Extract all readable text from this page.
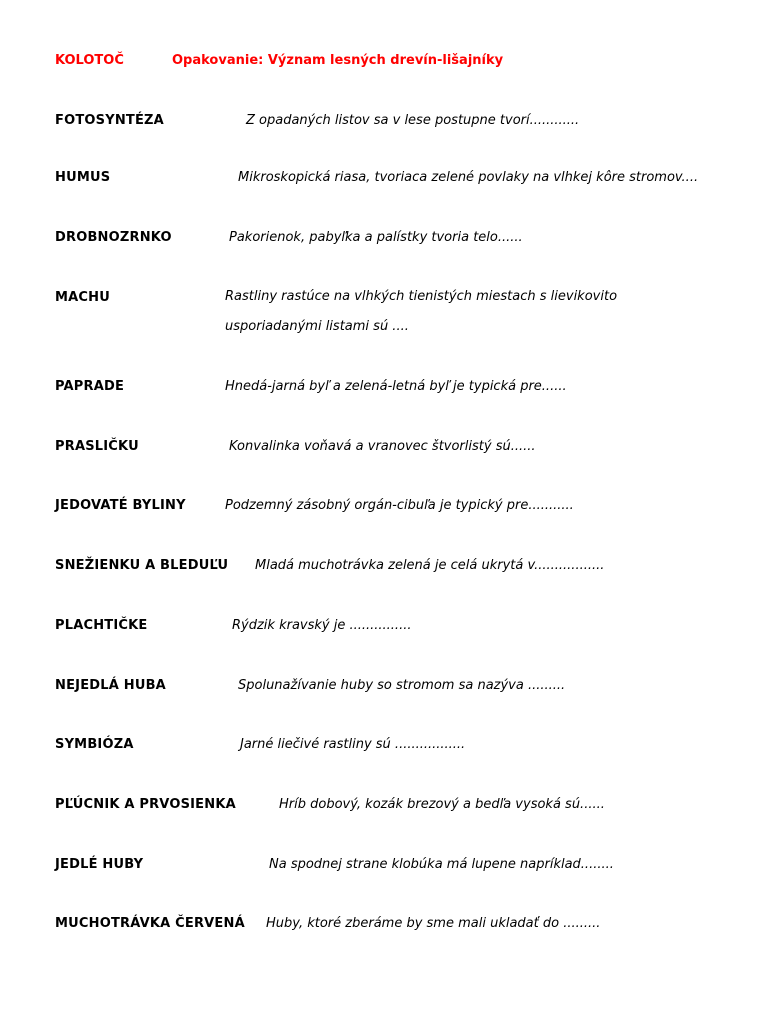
KOLOTOČ	Opakovanie: Význam lesných drevín-lišajníky
FOTOSYNTÉZA	Z opadaných listov sa v lese postupne tvorí............
HUMUS	Mikroskopická riasa, tvoriaca zelené povlaky na vlhkej kôre stromov....
DROBNOZRNKO	Pakorienok, pabyľka a palístky tvoria telo......
MACHU	Rastliny rastúce na vlhkých tienistých miestach s lievikovito usporiadanými listami sú ....
PAPRADE	Hnedá-jarná byľ a zelená-letná byľ je typická pre......
PRASLIČKU	Konvalinka voňavá a vranovec štvorlistý sú......
JEDOVATÉ BYLINY	Podzemný zásobný orgán-cibuľa je typický pre...........
SNEŽIENKU A BLEDUĽU Mladá muchotrávka zelená je celá ukrytá v.................
PLACHTIČKE	Rýdzik kravský je ...............
NEJEDLÁ HUBA	Spolunažívanie huby so stromom sa nazýva .........
SYMBIÓZA	Jarné liečivé rastliny sú .................
PĽÚCNIK A PRVOSIENKA	Hríb dobový, kozák brezový a bedľa vysoká sú......
JEDLÉ HUBY	Na spodnej strane klobúka má lupene napríklad........
MUCHOTRÁVKA ČERVENÁ Huby, ktoré zberáme by sme mali ukladať do .........
